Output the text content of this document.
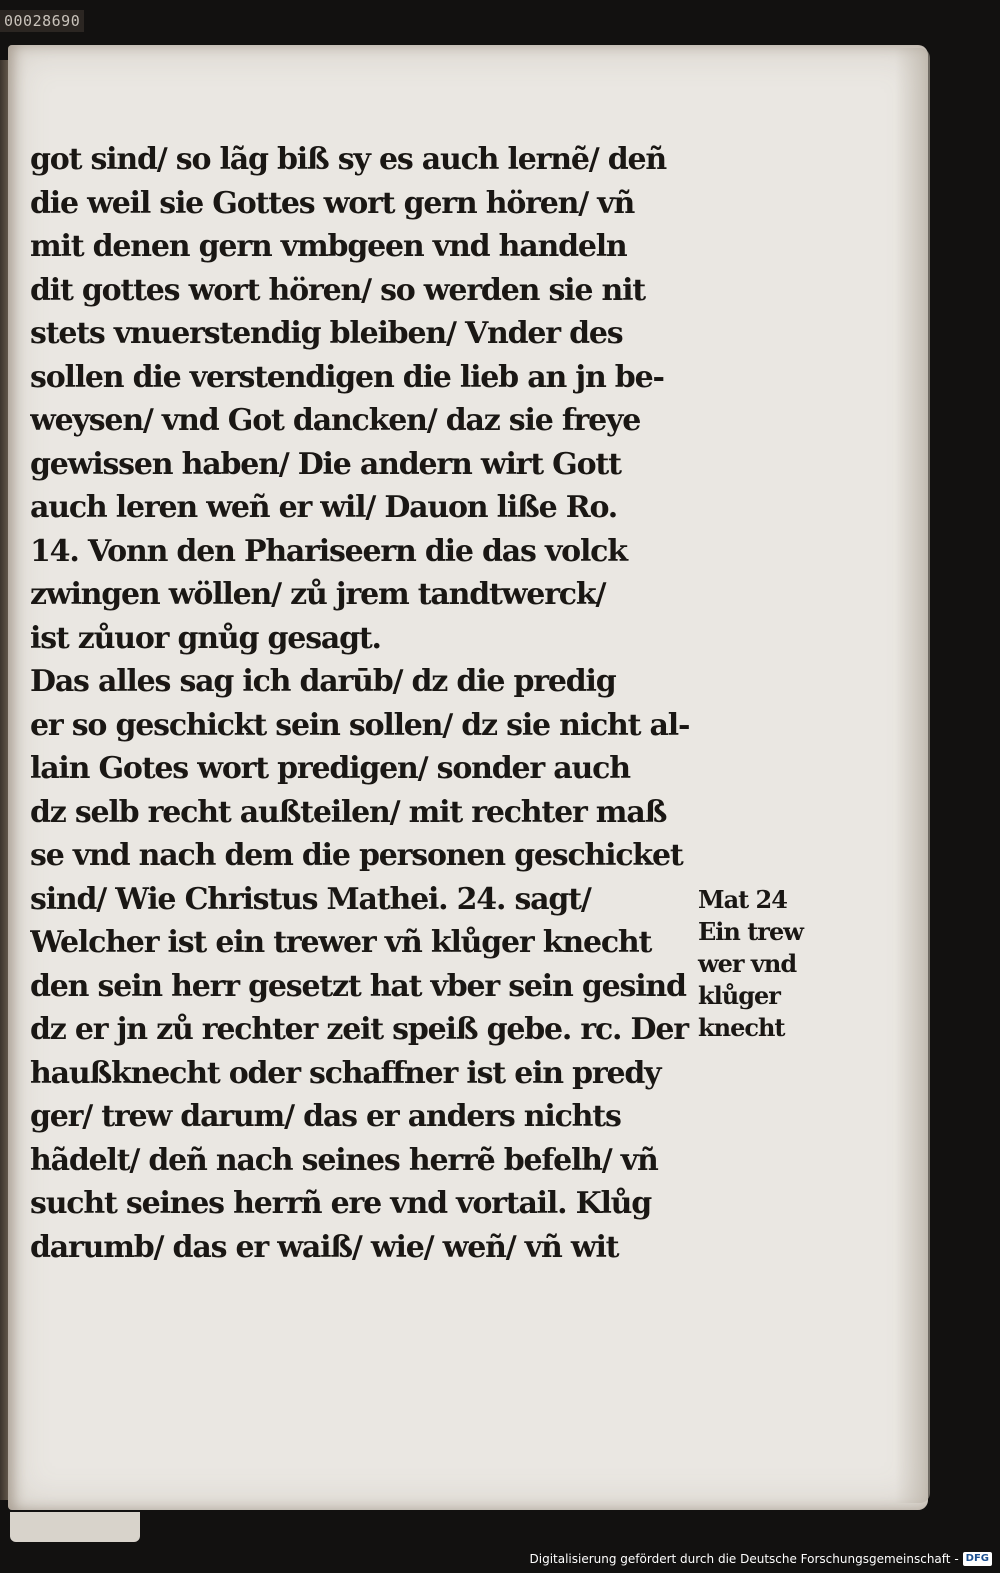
00028690
got sind/ so lãg biß sy es auch lernẽ/ deñ
die weil sie Gottes wort gern hören/ vñ
mit denen gern vmbgeen vnd handeln
dit gottes wort hören/ so werden sie nit
stets vnuerstendig bleiben/ Vnder des
sollen die verstendigen die lieb an jn be-
weysen/ vnd Got dancken/ daz sie freye
gewissen haben/ Die andern wirt Gott
auch leren weñ er wil/ Dauon liße Ro.
14. Vonn den Phariseern die das volck
zwingen wöllen/ zů jrem tandtwerck/
ist zůuor gnůg gesagt.
Das alles sag ich darūb/ dz die predig
er so geschickt sein sollen/ dz sie nicht al-
lain Gotes wort predigen/ sonder auch
dz selb recht außteilen/ mit rechter maß
se vnd nach dem die personen geschicket
sind/ Wie Christus Mathei. 24. sagt/
Welcher ist ein trewer vñ klůger knecht
den sein herr gesetzt hat vber sein gesind
dz er jn zů rechter zeit speiß gebe. rc. Der
haußknecht oder schaffner ist ein predy
ger/ trew darum/ das er anders nichts
hãdelt/ deñ nach seines herrẽ befelh/ vñ
sucht seines herrñ ere vnd vortail. Klůg
darumb/ das er waiß/ wie/ weñ/ vñ wit
Mat 24
Ein trew
wer vnd
klůger
knecht
Digitalisierung gefördert durch die Deutsche Forschungsgemeinschaft - DFG
